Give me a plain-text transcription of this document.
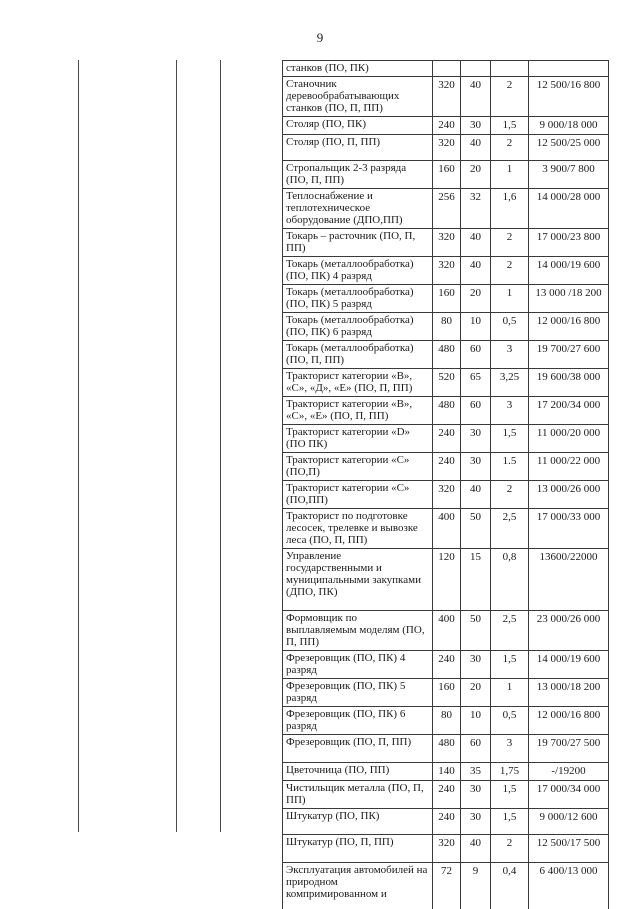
9
станков (ПО, ПК)				
Станочник деревообрабатывающих станков (ПО, П, ПП)	320	40	2	12 500/16 800
Столяр (ПО, ПК)	240	30	1,5	9 000/18 000
Столяр (ПО, П, ПП)	320	40	2	12 500/25 000
Стропальщик 2-3 разряда (ПО, П, ПП)	160	20	1	3 900/7 800
Теплоснабжение и теплотехническое оборудование (ДПО,ПП)	256	32	1,6	14 000/28 000
Токарь – расточник (ПО, П, ПП)	320	40	2	17 000/23 800
Токарь (металлообработка) (ПО, ПК) 4 разряд	320	40	2	14 000/19 600
Токарь (металлообработка) (ПО, ПК) 5 разряд	160	20	1	13 000 /18 200
Токарь (металлообработка) (ПО, ПК) 6 разряд	80	10	0,5	12 000/16 800
Токарь (металлообработка) (ПО, П, ПП)	480	60	3	19 700/27 600
Тракторист категории «В», «С», «Д», «Е» (ПО, П, ПП)	520	65	3,25	19 600/38 000
Тракторист категории «В», «С», «Е» (ПО, П, ПП)	480	60	3	17 200/34 000
Тракторист категории «D» (ПО ПК)	240	30	1,5	11 000/20 000
Тракторист категории «С» (ПО,П)	240	30	1.5	11 000/22 000
Тракторист категории «С» (ПО,ПП)	320	40	2	13 000/26 000
Тракторист по подготовке лесосек, трелевке и вывозке леса (ПО, П, ПП)	400	50	2,5	17 000/33 000
Управление государственными и муниципальными закупками (ДПО, ПК)	120	15	0,8	13600/22000
Формовщик по выплавляемым моделям (ПО, П, ПП)	400	50	2,5	23 000/26 000
Фрезеровщик (ПО, ПК) 4 разряд	240	30	1,5	14 000/19 600
Фрезеровщик (ПО, ПК) 5 разряд	160	20	1	13 000/18 200
Фрезеровщик (ПО, ПК) 6 разряд	80	10	0,5	12 000/16 800
Фрезеровщик (ПО, П, ПП)	480	60	3	19 700/27 500
Цветочница (ПО, ПП)	140	35	1,75	-/19200
Чистильщик металла (ПО, П, ПП)	240	30	1,5	17 000/34 000
Штукатур (ПО, ПК)	240	30	1,5	9 000/12 600
Штукатур (ПО, П, ПП)	320	40	2	12 500/17 500
Эксплуатация автомобилей на природном компримированном и	72	9	0,4	6 400/13 000
